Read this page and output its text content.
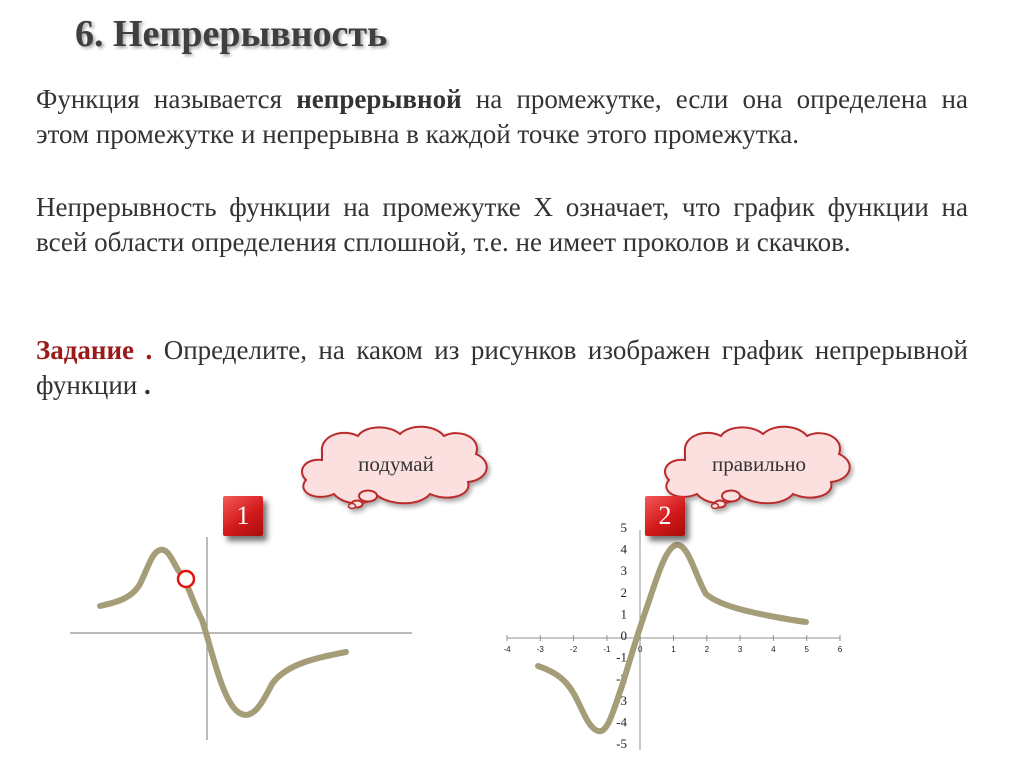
6. Непрерывность

Функция называется непрерывной на промежутке, если она определена на этом промежутке и непрерывна в каждой точке этого промежутка.

Непрерывность функции на промежутке Х означает, что график функции на всей области определения сплошной, т.е. не имеет проколов и скачков.

Задание . Определите, на каком из рисунков изображен график непрерывной функции .

подумай	правильно
-4	-3	-2	-1	0	1	2	3	4	5	6
5
4
3
2
1
0
-1
-2
-3
-4
-5
1	2
